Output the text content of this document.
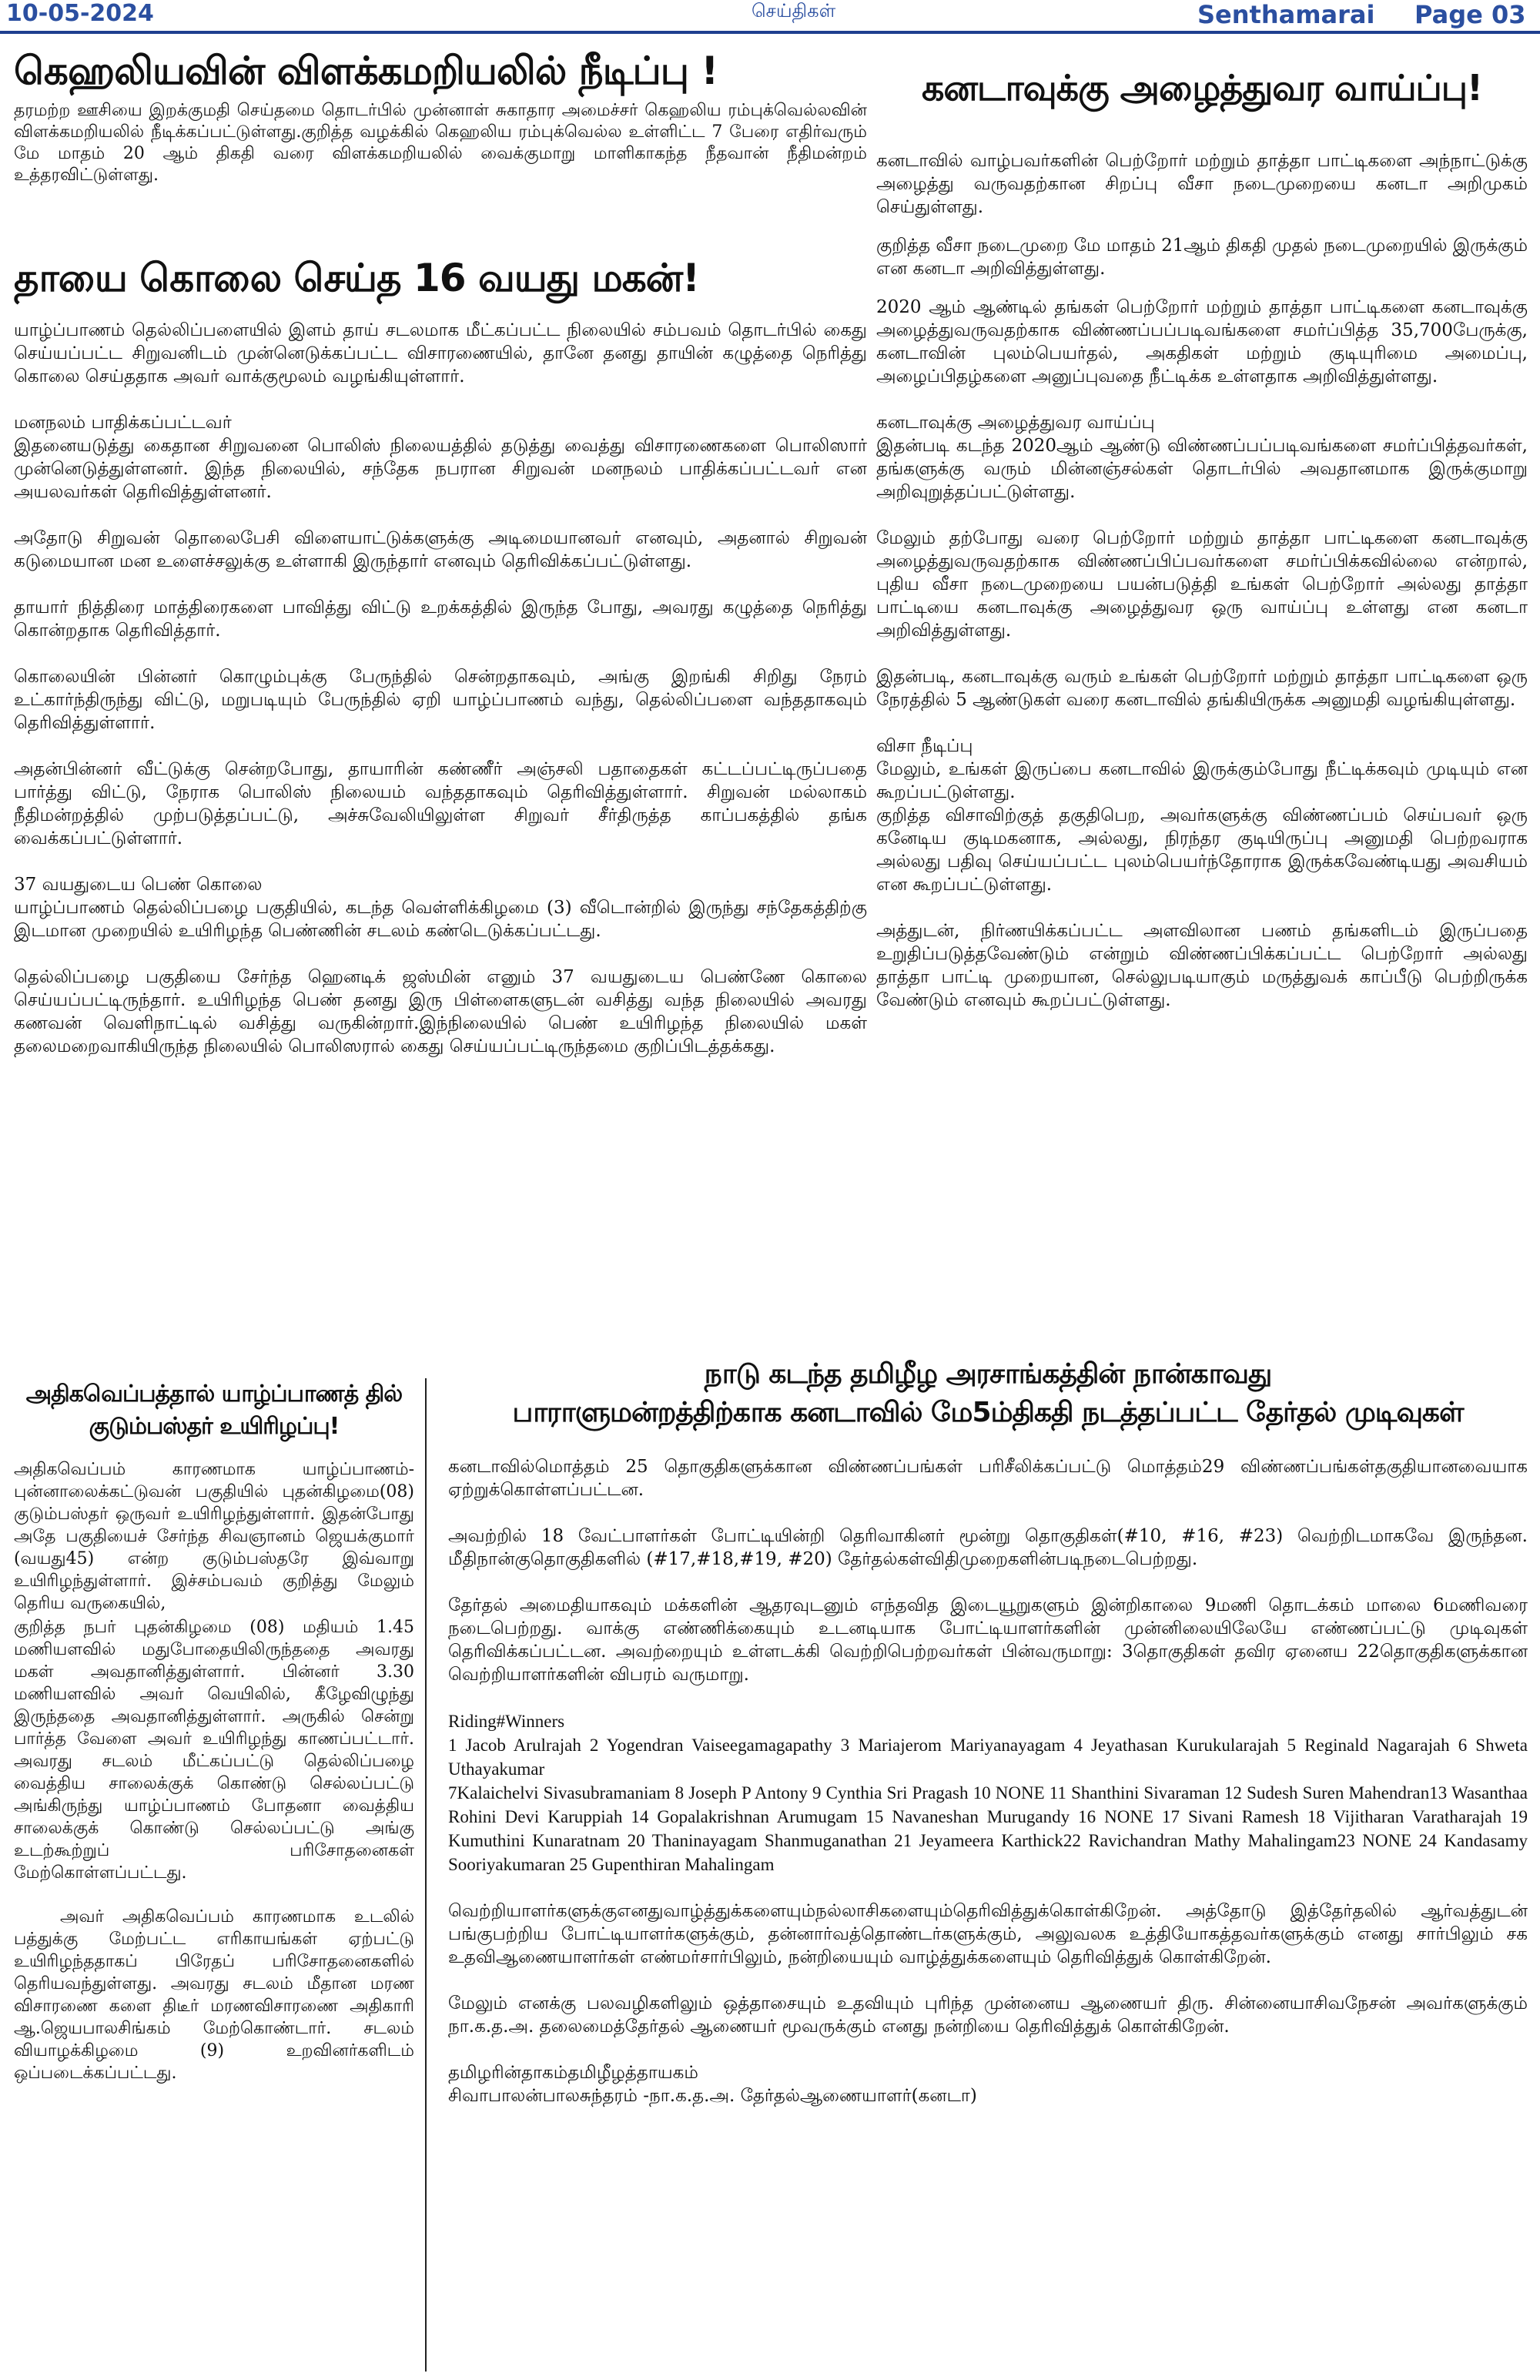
10-05-2024	செய்திகள்	Senthamarai Page 03
கெஹலியவின் விளக்கமறியலில் நீடிப்பு !

தரமற்ற ஊசியை இறக்குமதி செய்தமை தொடர்பில் முன்னாள் சுகாதார அமைச்சர் கெஹலிய ரம்புக்வெல்லவின் விளக்கமறியலில் நீடிக்கப்பட்டுள்ளது.குறித்த வழக்கில் கெஹலிய ரம்புக்வெல்ல உள்ளிட்ட 7 பேரை எதிர்வரும் மே மாதம் 20 ஆம் திகதி வரை விளக்கமறியலில் வைக்குமாறு மாளிகாகந்த நீதவான் நீதிமன்றம் உத்தரவிட்டுள்ளது.

தாயை கொலை செய்த 16 வயது மகன்!

யாழ்ப்பாணம் தெல்லிப்பளையில் இளம் தாய் சடலமாக மீட்கப்பட்ட நிலையில் சம்பவம் தொடர்பில் கைது செய்யப்பட்ட சிறுவனிடம் முன்னெடுக்கப்பட்ட விசாரணையில், தானே தனது தாயின் கழுத்தை நெரித்து கொலை செய்ததாக அவர் வாக்குமூலம் வழங்கியுள்ளார்.

மனநலம் பாதிக்கப்பட்டவர்

இதனையடுத்து கைதான சிறுவனை பொலிஸ் நிலையத்தில் தடுத்து வைத்து விசாரணைகளை பொலிஸார் முன்னெடுத்துள்ளனர். இந்த நிலையில், சந்தேக நபரான சிறுவன் மனநலம் பாதிக்கப்பட்டவர் என அயலவர்கள் தெரிவித்துள்ளனர்.

அதோடு சிறுவன் தொலைபேசி விளையாட்டுக்களுக்கு அடிமையானவர் எனவும், அதனால் சிறுவன் கடுமையான மன உளைச்சலுக்கு உள்ளாகி இருந்தார் எனவும் தெரிவிக்கப்பட்டுள்ளது.

தாயார் நித்திரை மாத்திரைகளை பாவித்து விட்டு உறக்கத்தில் இருந்த போது, அவரது கழுத்தை நெரித்து கொன்றதாக தெரிவித்தார்.

கொலையின் பின்னர் கொழும்புக்கு பேருந்தில் சென்றதாகவும், அங்கு இறங்கி சிறிது நேரம் உட்கார்ந்திருந்து விட்டு, மறுபடியும் பேருந்தில் ஏறி யாழ்ப்பாணம் வந்து, தெல்லிப்பளை வந்ததாகவும் தெரிவித்துள்ளார்.

அதன்பின்னர் வீட்டுக்கு சென்றபோது, தாயாரின் கண்ணீர் அஞ்சலி பதாதைகள் கட்டப்பட்டிருப்பதை பார்த்து விட்டு, நேராக பொலிஸ் நிலையம் வந்ததாகவும் தெரிவித்துள்ளார். சிறுவன் மல்லாகம் நீதிமன்றத்தில் முற்படுத்தப்பட்டு, அச்சுவேலியிலுள்ள சிறுவர் சீர்திருத்த காப்பகத்தில் தங்க வைக்கப்பட்டுள்ளார்.

37 வயதுடைய பெண் கொலை

யாழ்ப்பாணம் தெல்லிப்பழை பகுதியில், கடந்த வெள்ளிக்கிழமை (3) வீடொன்றில் இருந்து சந்தேகத்திற்கு இடமான முறையில் உயிரிழந்த பெண்ணின் சடலம் கண்டெடுக்கப்பட்டது.

தெல்லிப்பழை பகுதியை சேர்ந்த ஹெனடிக் ஜஸ்மின் எனும் 37 வயதுடைய பெண்ணே கொலை செய்யப்பட்டிருந்தார். உயிரிழந்த பெண் தனது இரு பிள்ளைகளுடன் வசித்து வந்த நிலையில் அவரது கணவன் வெளிநாட்டில் வசித்து வருகின்றார்.இந்நிலையில் பெண் உயிரிழந்த நிலையில் மகள் தலைமறைவாகியிருந்த நிலையில் பொலிஸரால் கைது செய்யப்பட்டிருந்தமை குறிப்பிடத்தக்கது.

அதிகவெப்பத்தால் யாழ்ப்பாணத் தில்
குடும்பஸ்தர் உயிரிழப்பு!

அதிகவெப்பம் காரணமாக யாழ்ப்பாணம்-புன்னாலைக்கட்டுவன் பகுதியில் புதன்கிழமை(08) குடும்பஸ்தர் ஒருவர் உயிரிழந்துள்ளார். இதன்போது அதே பகுதியைச் சேர்ந்த சிவஞானம் ஜெயக்குமார் (வயது45) என்ற குடும்பஸ்தரே இவ்வாறு உயிரிழந்துள்ளார். இச்சம்பவம் குறித்து மேலும் தெரிய வருகையில்,

குறித்த நபர் புதன்கிழமை (08) மதியம் 1.45 மணியளவில் மதுபோதையிலிருந்ததை அவரது மகள் அவதானித்துள்ளார். பின்னர் 3.30 மணியளவில் அவர் வெயிலில், கீழேவிழுந்து இருந்ததை அவதானித்துள்ளார். அருகில் சென்று பார்த்த வேளை அவர் உயிரிழந்து காணப்பட்டார். அவரது சடலம் மீட்கப்பட்டு தெல்லிப்பழை வைத்திய சாலைக்குக் கொண்டு செல்லப்பட்டு அங்கிருந்து யாழ்ப்பாணம் போதனா வைத்திய சாலைக்குக் கொண்டு செல்லப்பட்டு அங்கு உடற்கூற்றுப் பரிசோதனைகள் மேற்கொள்ளப்பட்டது.

அவர் அதிகவெப்பம் காரணமாக உடலில் பத்துக்கு மேற்பட்ட எரிகாயங்கள் ஏற்பட்டு உயிரிழந்ததாகப் பிரேதப் பரிசோதனைகளில் தெரியவந்துள்ளது. அவரது சடலம் மீதான மரண விசாரணை களை திடீர் மரணவிசாரணை அதிகாரி ஆ.ஜெயபாலசிங்கம் மேற்கொண்டார். சடலம் வியாழக்கிழமை (9) உறவினர்களிடம் ஒப்படைக்கப்பட்டது.

கனடாவுக்கு அழைத்துவர வாய்ப்பு!

கனடாவில் வாழ்பவர்களின் பெற்றோர் மற்றும் தாத்தா பாட்டிகளை அந்நாட்டுக்கு அழைத்து வருவதற்கான சிறப்பு வீசா நடைமுறையை கனடா அறிமுகம் செய்துள்ளது.

குறித்த வீசா நடைமுறை மே மாதம் 21ஆம் திகதி முதல் நடைமுறையில் இருக்கும் என கனடா அறிவித்துள்ளது.

2020 ஆம் ஆண்டில் தங்கள் பெற்றோர் மற்றும் தாத்தா பாட்டிகளை கனடாவுக்கு அழைத்துவருவதற்காக விண்ணப்பப்படிவங்களை சமர்ப்பித்த 35,700பேருக்கு, கனடாவின் புலம்பெயர்தல், அகதிகள் மற்றும் குடியுரிமை அமைப்பு, அழைப்பிதழ்களை அனுப்புவதை நீட்டிக்க உள்ளதாக அறிவித்துள்ளது.

கனடாவுக்கு அழைத்துவர வாய்ப்பு

இதன்படி கடந்த 2020ஆம் ஆண்டு விண்ணப்பப்படிவங்களை சமர்ப்பித்தவர்கள், தங்களுக்கு வரும் மின்னஞ்சல்கள் தொடர்பில் அவதானமாக இருக்குமாறு அறிவுறுத்தப்பட்டுள்ளது.

மேலும் தற்போது வரை பெற்றோர் மற்றும் தாத்தா பாட்டிகளை கனடாவுக்கு அழைத்துவருவதற்காக விண்ணப்பிப்பவர்களை சமர்ப்பிக்கவில்லை என்றால், புதிய வீசா நடைமுறையை பயன்படுத்தி உங்கள் பெற்றோர் அல்லது தாத்தா பாட்டியை கனடாவுக்கு அழைத்துவர ஒரு வாய்ப்பு உள்ளது என கனடா அறிவித்துள்ளது.

இதன்படி, கனடாவுக்கு வரும் உங்கள் பெற்றோர் மற்றும் தாத்தா பாட்டிகளை ஒரு நேரத்தில் 5 ஆண்டுகள் வரை கனடாவில் தங்கியிருக்க அனுமதி வழங்கியுள்ளது.

விசா நீடிப்பு

மேலும், உங்கள் இருப்பை கனடாவில் இருக்கும்போது நீட்டிக்கவும் முடியும் என கூறப்பட்டுள்ளது.

குறித்த விசாவிற்குத் தகுதிபெற, அவர்களுக்கு விண்ணப்பம் செய்பவர் ஒரு கனேடிய குடிமகனாக, அல்லது, நிரந்தர குடியிருப்பு அனுமதி பெற்றவராக அல்லது பதிவு செய்யப்பட்ட புலம்பெயர்ந்தோராக இருக்கவேண்டியது அவசியம் என கூறப்பட்டுள்ளது.

அத்துடன், நிர்ணயிக்கப்பட்ட அளவிலான பணம் தங்களிடம் இருப்பதை உறுதிப்படுத்தவேண்டும் என்றும் விண்ணப்பிக்கப்பட்ட பெற்றோர் அல்லது தாத்தா பாட்டி முறையான, செல்லுபடியாகும் மருத்துவக் காப்பீடு பெற்றிருக்க வேண்டும் எனவும் கூறப்பட்டுள்ளது.

நாடு கடந்த தமிழீழ அரசாங்கத்தின் நான்காவது
பாராளுமன்றத்திற்காக கனடாவில் மே5ம்திகதி நடத்தப்பட்ட தேர்தல் முடிவுகள்

கனடாவில்மொத்தம் 25 தொகுதிகளுக்கான விண்ணப்பங்கள் பரிசீலிக்கப்பட்டு மொத்தம்29 விண்ணப்பங்கள்தகுதியானவையாக ஏற்றுக்கொள்ளப்பட்டன.

அவற்றில் 18 வேட்பாளர்கள் போட்டியின்றி தெரிவாகினர் மூன்று தொகுதிகள்(#10, #16, #23) வெற்றிடமாகவே இருந்தன. மீதிநான்குதொகுதிகளில் (#17,#18,#19, #20) தேர்தல்கள்விதிமுறைகளின்படிநடைபெற்றது.

தேர்தல் அமைதியாகவும் மக்களின் ஆதரவுடனும் எந்தவித இடையூறுகளும் இன்றிகாலை 9மணி தொடக்கம் மாலை 6மணிவரை நடைபெற்றது. வாக்கு எண்ணிக்கையும் உடனடியாக போட்டியாளர்களின் முன்னிலையிலேயே எண்ணப்பட்டு முடிவுகள் தெரிவிக்கப்பட்டன. அவற்றையும் உள்ளடக்கி வெற்றிபெற்றவர்கள் பின்வருமாறு: 3தொகுதிகள் தவிர ஏனைய 22தொகுதிகளுக்கான வெற்றியாளர்களின் விபரம் வருமாறு.

Riding#Winners
1 Jacob Arulrajah 2 Yogendran Vaiseegamagapathy 3 Mariajerom Mariyanayagam 4 Jeyathasan Kurukularajah 5 Reginald Nagarajah 6 Shweta Uthayakumar
7Kalaichelvi Sivasubramaniam 8 Joseph P Antony 9 Cynthia Sri Pragash 10 NONE 11 Shanthini Sivaraman 12 Sudesh Suren Mahendran13 Wasanthaa Rohini Devi Karuppiah 14 Gopalakrishnan Arumugam 15 Navaneshan Murugandy 16 NONE 17 Sivani Ramesh 18 Vijitharan Varatharajah 19 Kumuthini Kunaratnam 20 Thaninayagam Shanmuganathan 21 Jeyameera Karthick22 Ravichandran Mathy Mahalingam23 NONE 24 Kandasamy Sooriyakumaran 25 Gupenthiran Mahalingam

வெற்றியாளர்களுக்குஎனதுவாழ்த்துக்களையும்நல்லாசிகளையும்தெரிவித்துக்கொள்கிறேன். அத்தோடு இத்தேர்தலில் ஆர்வத்துடன் பங்குபற்றிய போட்டியாளர்களுக்கும், தன்னார்வத்தொண்டர்களுக்கும், அலுவலக உத்தியோகத்தவர்களுக்கும் எனது சார்பிலும் சக உதவிஆணையாளர்கள் எண்மர்சார்பிலும், நன்றியையும் வாழ்த்துக்களையும் தெரிவித்துக் கொள்கிறேன்.

மேலும் எனக்கு பலவழிகளிலும் ஒத்தாசையும் உதவியும் புரிந்த முன்னைய ஆணையர் திரு. சின்னையாசிவநேசன் அவர்களுக்கும் நா.க.த.அ. தலைமைத்தேர்தல் ஆணையர் மூவருக்கும் எனது நன்றியை தெரிவித்துக் கொள்கிறேன்.

தமிழரின்தாகம்தமிழீழத்தாயகம்

சிவாபாலன்பாலசுந்தரம் -நா.க.த.அ. தேர்தல்ஆணையாளர்(கனடா)
